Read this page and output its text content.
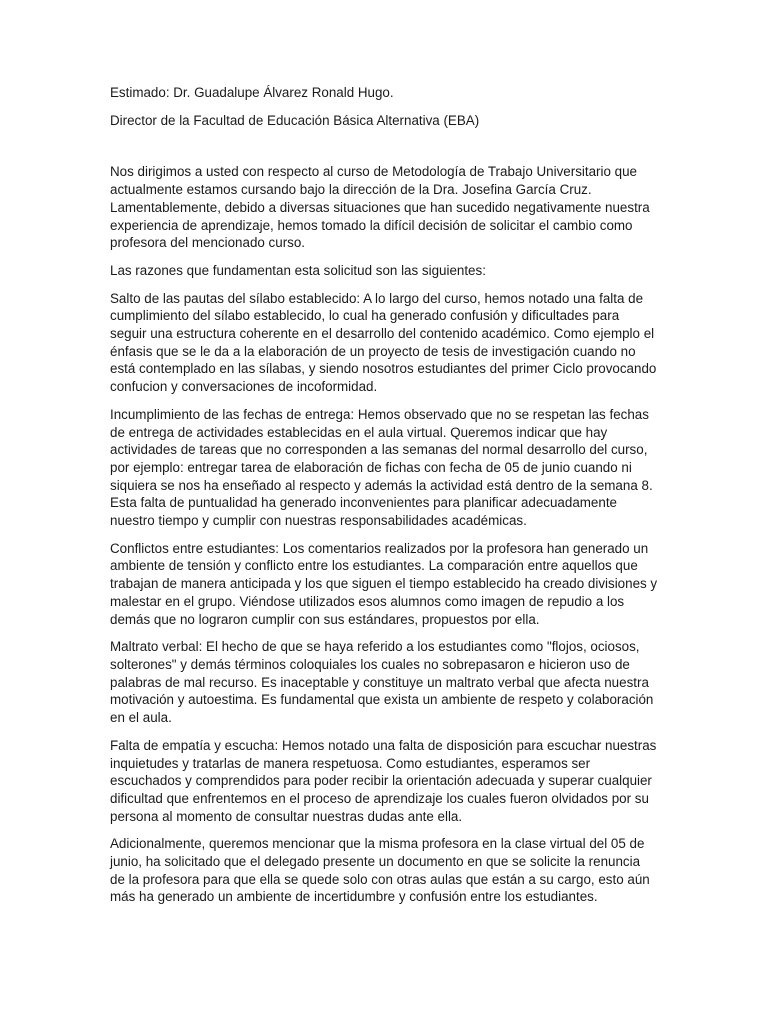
Estimado: Dr. Guadalupe Álvarez Ronald Hugo.

Director de la Facultad de Educación Básica Alternativa (EBA)

Nos dirigimos a usted con respecto al curso de Metodología de Trabajo Universitario que actualmente estamos cursando bajo la dirección de la Dra. Josefina García Cruz. Lamentablemente, debido a diversas situaciones que han sucedido negativamente nuestra experiencia de aprendizaje, hemos tomado la difícil decisión de solicitar el cambio como profesora del mencionado curso.

Las razones que fundamentan esta solicitud son las siguientes:

Salto de las pautas del sílabo establecido: A lo largo del curso, hemos notado una falta de cumplimiento del sílabo establecido, lo cual ha generado confusión y dificultades para seguir una estructura coherente en el desarrollo del contenido académico. Como ejemplo el énfasis que se le da a la elaboración de un proyecto de tesis de investigación cuando no está contemplado en las sílabas, y siendo nosotros estudiantes del primer Ciclo provocando confucion y conversaciones de incoformidad.

Incumplimiento de las fechas de entrega: Hemos observado que no se respetan las fechas de entrega de actividades establecidas en el aula virtual. Queremos indicar que hay actividades de tareas que no corresponden a las semanas del normal desarrollo del curso, por ejemplo: entregar tarea de elaboración de fichas con fecha de 05 de junio cuando ni siquiera se nos ha enseñado al respecto y además la actividad está dentro de la semana 8. Esta falta de puntualidad ha generado inconvenientes para planificar adecuadamente nuestro tiempo y cumplir con nuestras responsabilidades académicas.

Conflictos entre estudiantes: Los comentarios realizados por la profesora han generado un ambiente de tensión y conflicto entre los estudiantes. La comparación entre aquellos que trabajan de manera anticipada y los que siguen el tiempo establecido ha creado divisiones y malestar en el grupo. Viéndose utilizados esos alumnos como imagen de repudio a los demás que no lograron cumplir con sus estándares, propuestos por ella.

Maltrato verbal: El hecho de que se haya referido a los estudiantes como "flojos, ociosos, solterones" y demás términos coloquiales los cuales no sobrepasaron e hicieron uso de palabras de mal recurso. Es inaceptable y constituye un maltrato verbal que afecta nuestra motivación y autoestima. Es fundamental que exista un ambiente de respeto y colaboración en el aula.

Falta de empatía y escucha: Hemos notado una falta de disposición para escuchar nuestras inquietudes y tratarlas de manera respetuosa. Como estudiantes, esperamos ser escuchados y comprendidos para poder recibir la orientación adecuada y superar cualquier dificultad que enfrentemos en el proceso de aprendizaje los cuales fueron olvidados por su persona al momento de consultar nuestras dudas ante ella.

Adicionalmente, queremos mencionar que la misma profesora en la clase virtual del 05 de junio, ha solicitado que el delegado presente un documento en que se solicite la renuncia de la profesora para que ella se quede solo con otras aulas que están a su cargo, esto aún más ha generado un ambiente de incertidumbre y confusión entre los estudiantes.
